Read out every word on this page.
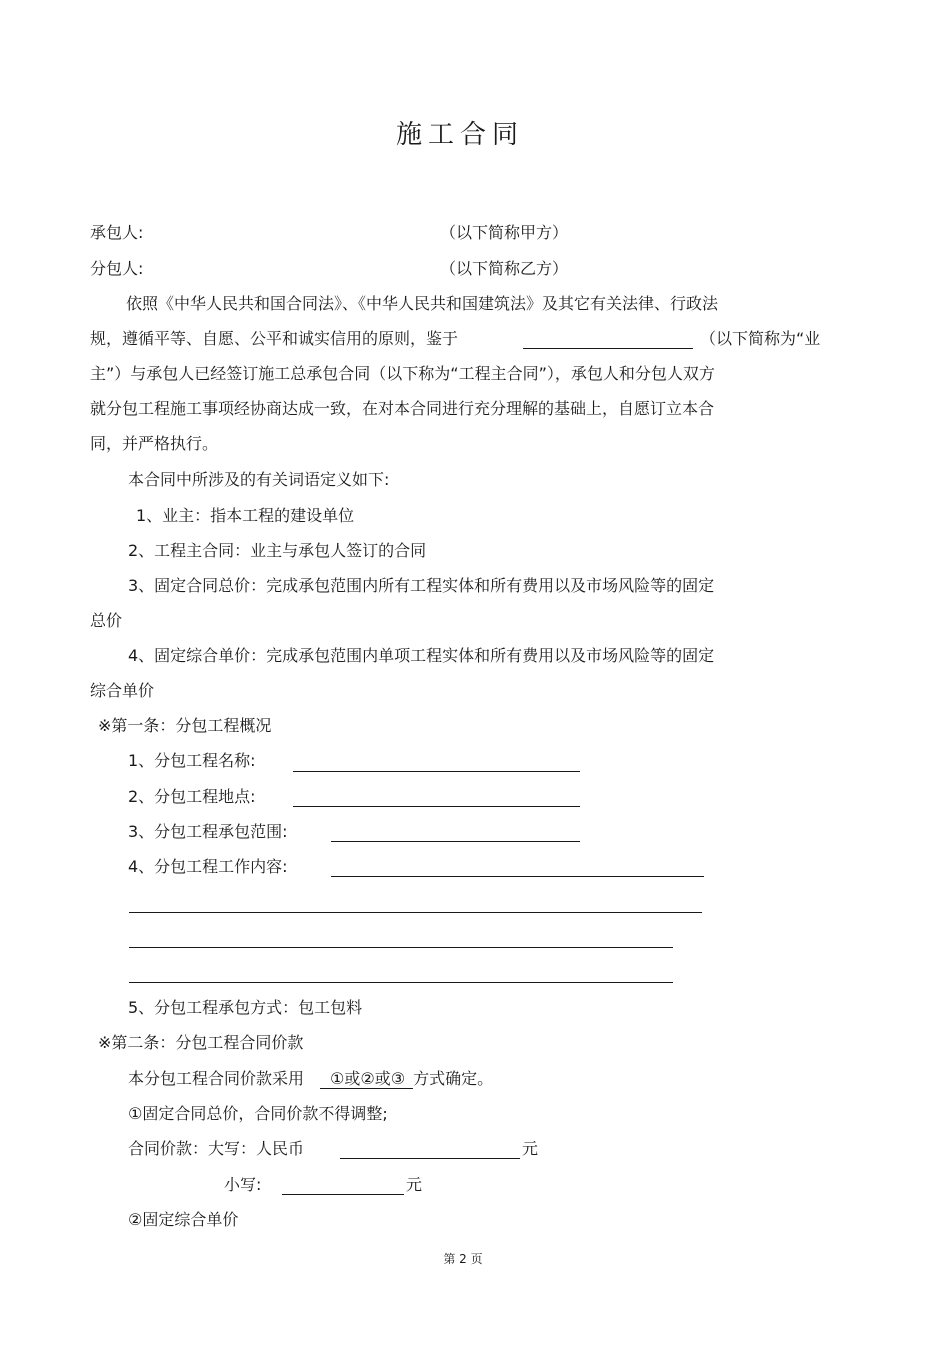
施工合同
承包人:	（以下简称甲方）
分包人:	（以下简称乙方）
依照《中华人民共和国合同法》、《中华人民共和国建筑法》及其它有关法律、行政法
规，遵循平等、自愿、公平和诚实信用的原则，鉴于	（以下简称为“业
主”）与承包人已经签订施工总承包合同（以下称为“工程主合同”），承包人和分包人双方
就分包工程施工事项经协商达成一致，在对本合同进行充分理解的基础上，自愿订立本合
同，并严格执行。
本合同中所涉及的有关词语定义如下:
1、业主：指本工程的建设单位
2、工程主合同：业主与承包人签订的合同
3、固定合同总价：完成承包范围内所有工程实体和所有费用以及市场风险等的固定
总价
4、固定综合单价：完成承包范围内单项工程实体和所有费用以及市场风险等的固定
综合单价
※第一条：分包工程概况
1、分包工程名称:
2、分包工程地点:
3、分包工程承包范围:
4、分包工程工作内容:
5、分包工程承包方式：包工包料
※第二条：分包工程合同价款
本分包工程合同价款采用 ①或②或③ 方式确定。
①固定合同总价，合同价款不得调整;
合同价款：大写：人民币	元
小写:	元
②固定综合单价
第 2 页
